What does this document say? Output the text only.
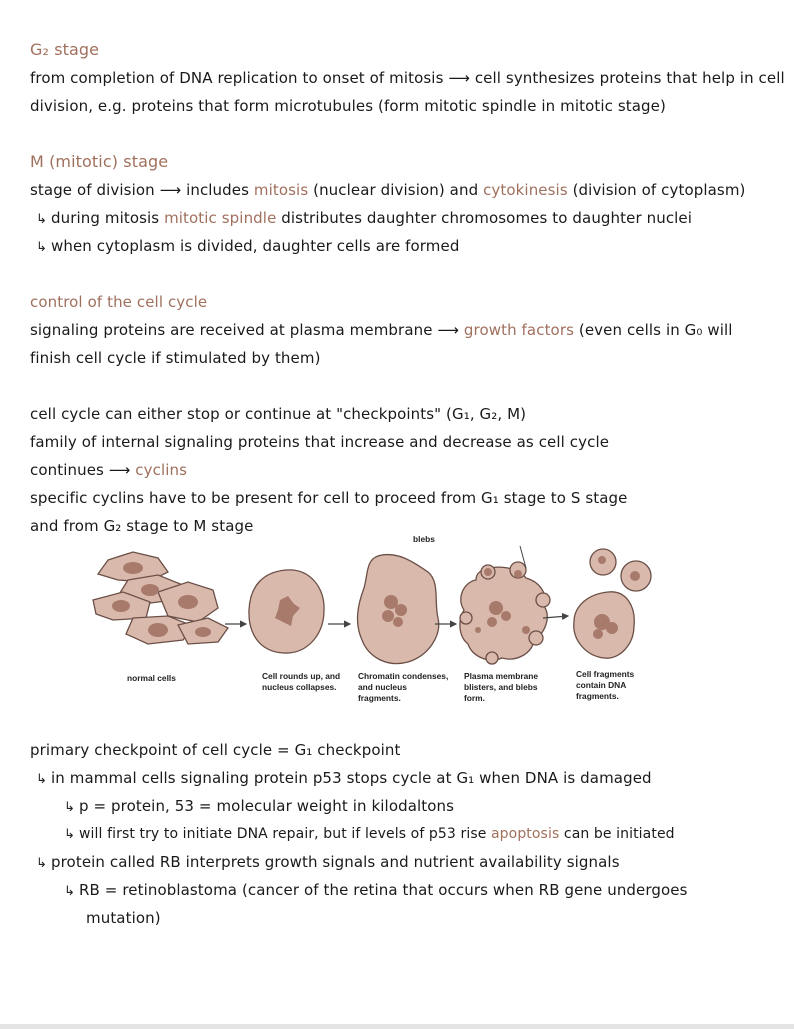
G₂ stage
from completion of DNA replication to onset of mitosis ⟶ cell synthesizes proteins that help in cell
division, e.g. proteins that form microtubules (form mitotic spindle in mitotic stage)
M (mitotic) stage
stage of division ⟶ includes mitosis (nuclear division) and cytokinesis (division of cytoplasm)
↳ during mitosis mitotic spindle distributes daughter chromosomes to daughter nuclei
↳ when cytoplasm is divided, daughter cells are formed
control of the cell cycle
signaling proteins are received at plasma membrane ⟶ growth factors (even cells in G₀ will
finish cell cycle if stimulated by them)
cell cycle can either stop or continue at "checkpoints" (G₁, G₂, M)
family of internal signaling proteins that increase and decrease as cell cycle
continues ⟶ cyclins
specific cyclins have to be present for cell to proceed from G₁ stage to S stage
and from G₂ stage to M stage
blebs
normal cells	Cell rounds up, and nucleus collapses.
Chromatin condenses, and nucleus fragments.
Plasma membrane blisters, and blebs form.
Cell fragments contain DNA fragments.
primary checkpoint of cell cycle = G₁ checkpoint
↳ in mammal cells signaling protein p53 stops cycle at G₁ when DNA is damaged
↳ p = protein, 53 = molecular weight in kilodaltons
↳ will first try to initiate DNA repair, but if levels of p53 rise apoptosis can be initiated
↳ protein called RB interprets growth signals and nutrient availability signals
↳ RB = retinoblastoma (cancer of the retina that occurs when RB gene undergoes
mutation)
